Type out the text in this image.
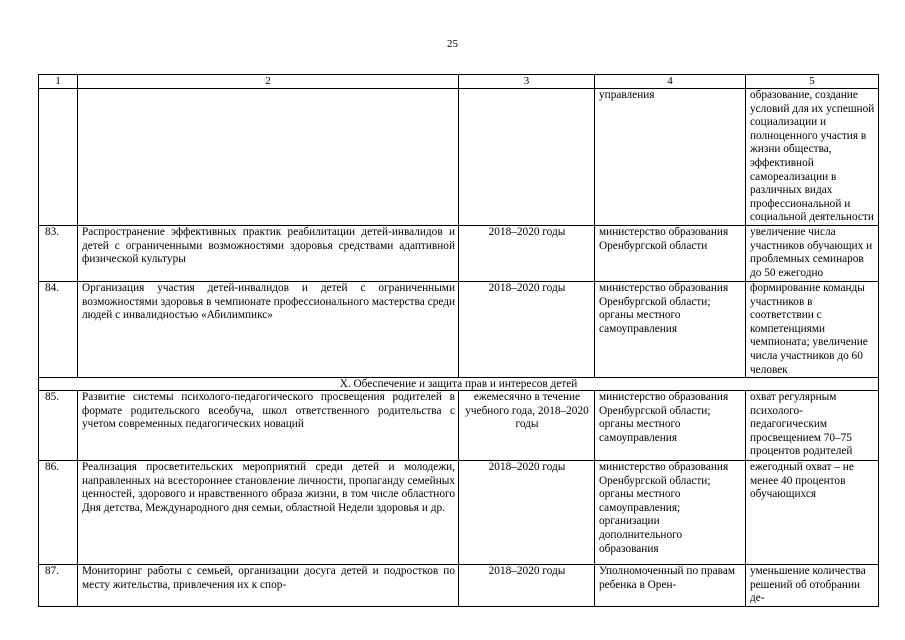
25
1	2	3	4	5
			управления	образование, создание условий для их успешной социализации и полноценного участия в жизни общества, эффективной самореализации в различных видах профессиональной и социальной деятельности
83.	Распространение эффективных практик реабилитации детей-инвалидов и детей с ограниченными возможностями здоровья средствами адаптивной физической культуры	2018–2020 годы	министерство образования Оренбургской области	увеличение числа участников обучающих и проблемных семинаров до 50 ежегодно
84.	Организация участия детей-инвалидов и детей с ограниченными возможностями здоровья в чемпионате профессионального мастерства среди людей с инвалидностью «Абилимпикс»	2018–2020 годы	министерство образования Оренбургской области; органы местного самоуправления	формирование команды участников в соответствии с компетенциями чемпионата; увеличение числа участников до 60 человек
X. Обеспечение и защита прав и интересов детей				
85.	Развитие системы психолого-педагогического просвещения родителей в формате родительского всеобуча, школ ответственного родительства с учетом современных педагогических новаций	ежемесячно в течение учебного года, 2018–2020 годы	министерство образования Оренбургской области; органы местного самоуправления	охват регулярным психолого-педагогическим просвещением 70–75 процентов родителей
86.	Реализация просветительских мероприятий среди детей и молодежи, направленных на всестороннее становление личности, пропаганду семейных ценностей, здорового и нравственного образа жизни, в том числе областного Дня детства, Международного дня семьи, областной Недели здоровья и др.	2018–2020 годы	министерство образования Оренбургской области; органы местного самоуправления; организации дополнительного образования	ежегодный охват – не менее 40 процентов обучающихся
87.	Мониторинг работы с семьей, организации досуга детей и подростков по месту жительства, привлечения их к спор-	2018–2020 годы	Уполномоченный по правам ребенка в Орен-	уменьшение количества решений об отобрании де-
